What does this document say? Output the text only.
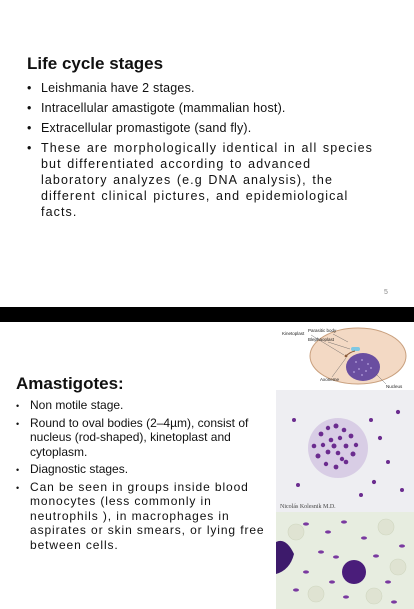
Life cycle stages
• Leishmania have 2 stages.
• Intracellular amastigote (mammalian host).
• Extracellular promastigote (sand fly).
• These are morphologically identical in all species but differentiated according to advanced laboratory analyzes (e.g DNA analysis), the different clinical pictures, and epidemiological facts.
5
Amastigotes:
• Non motile stage.
• Round to oval bodies (2–4µm), consist of nucleus (rod-shaped), kinetoplast and cytoplasm.
• Diagnostic stages.
• Can be seen in groups inside blood monocytes (less commonly in neutrophils ), in macrophages in aspirates or skin smears, or lying free between cells.
Parasitic body
Blephaoplast
Kinetoplast
Axoneme
Nucleus
Nicolás Kolesnik M.D.
